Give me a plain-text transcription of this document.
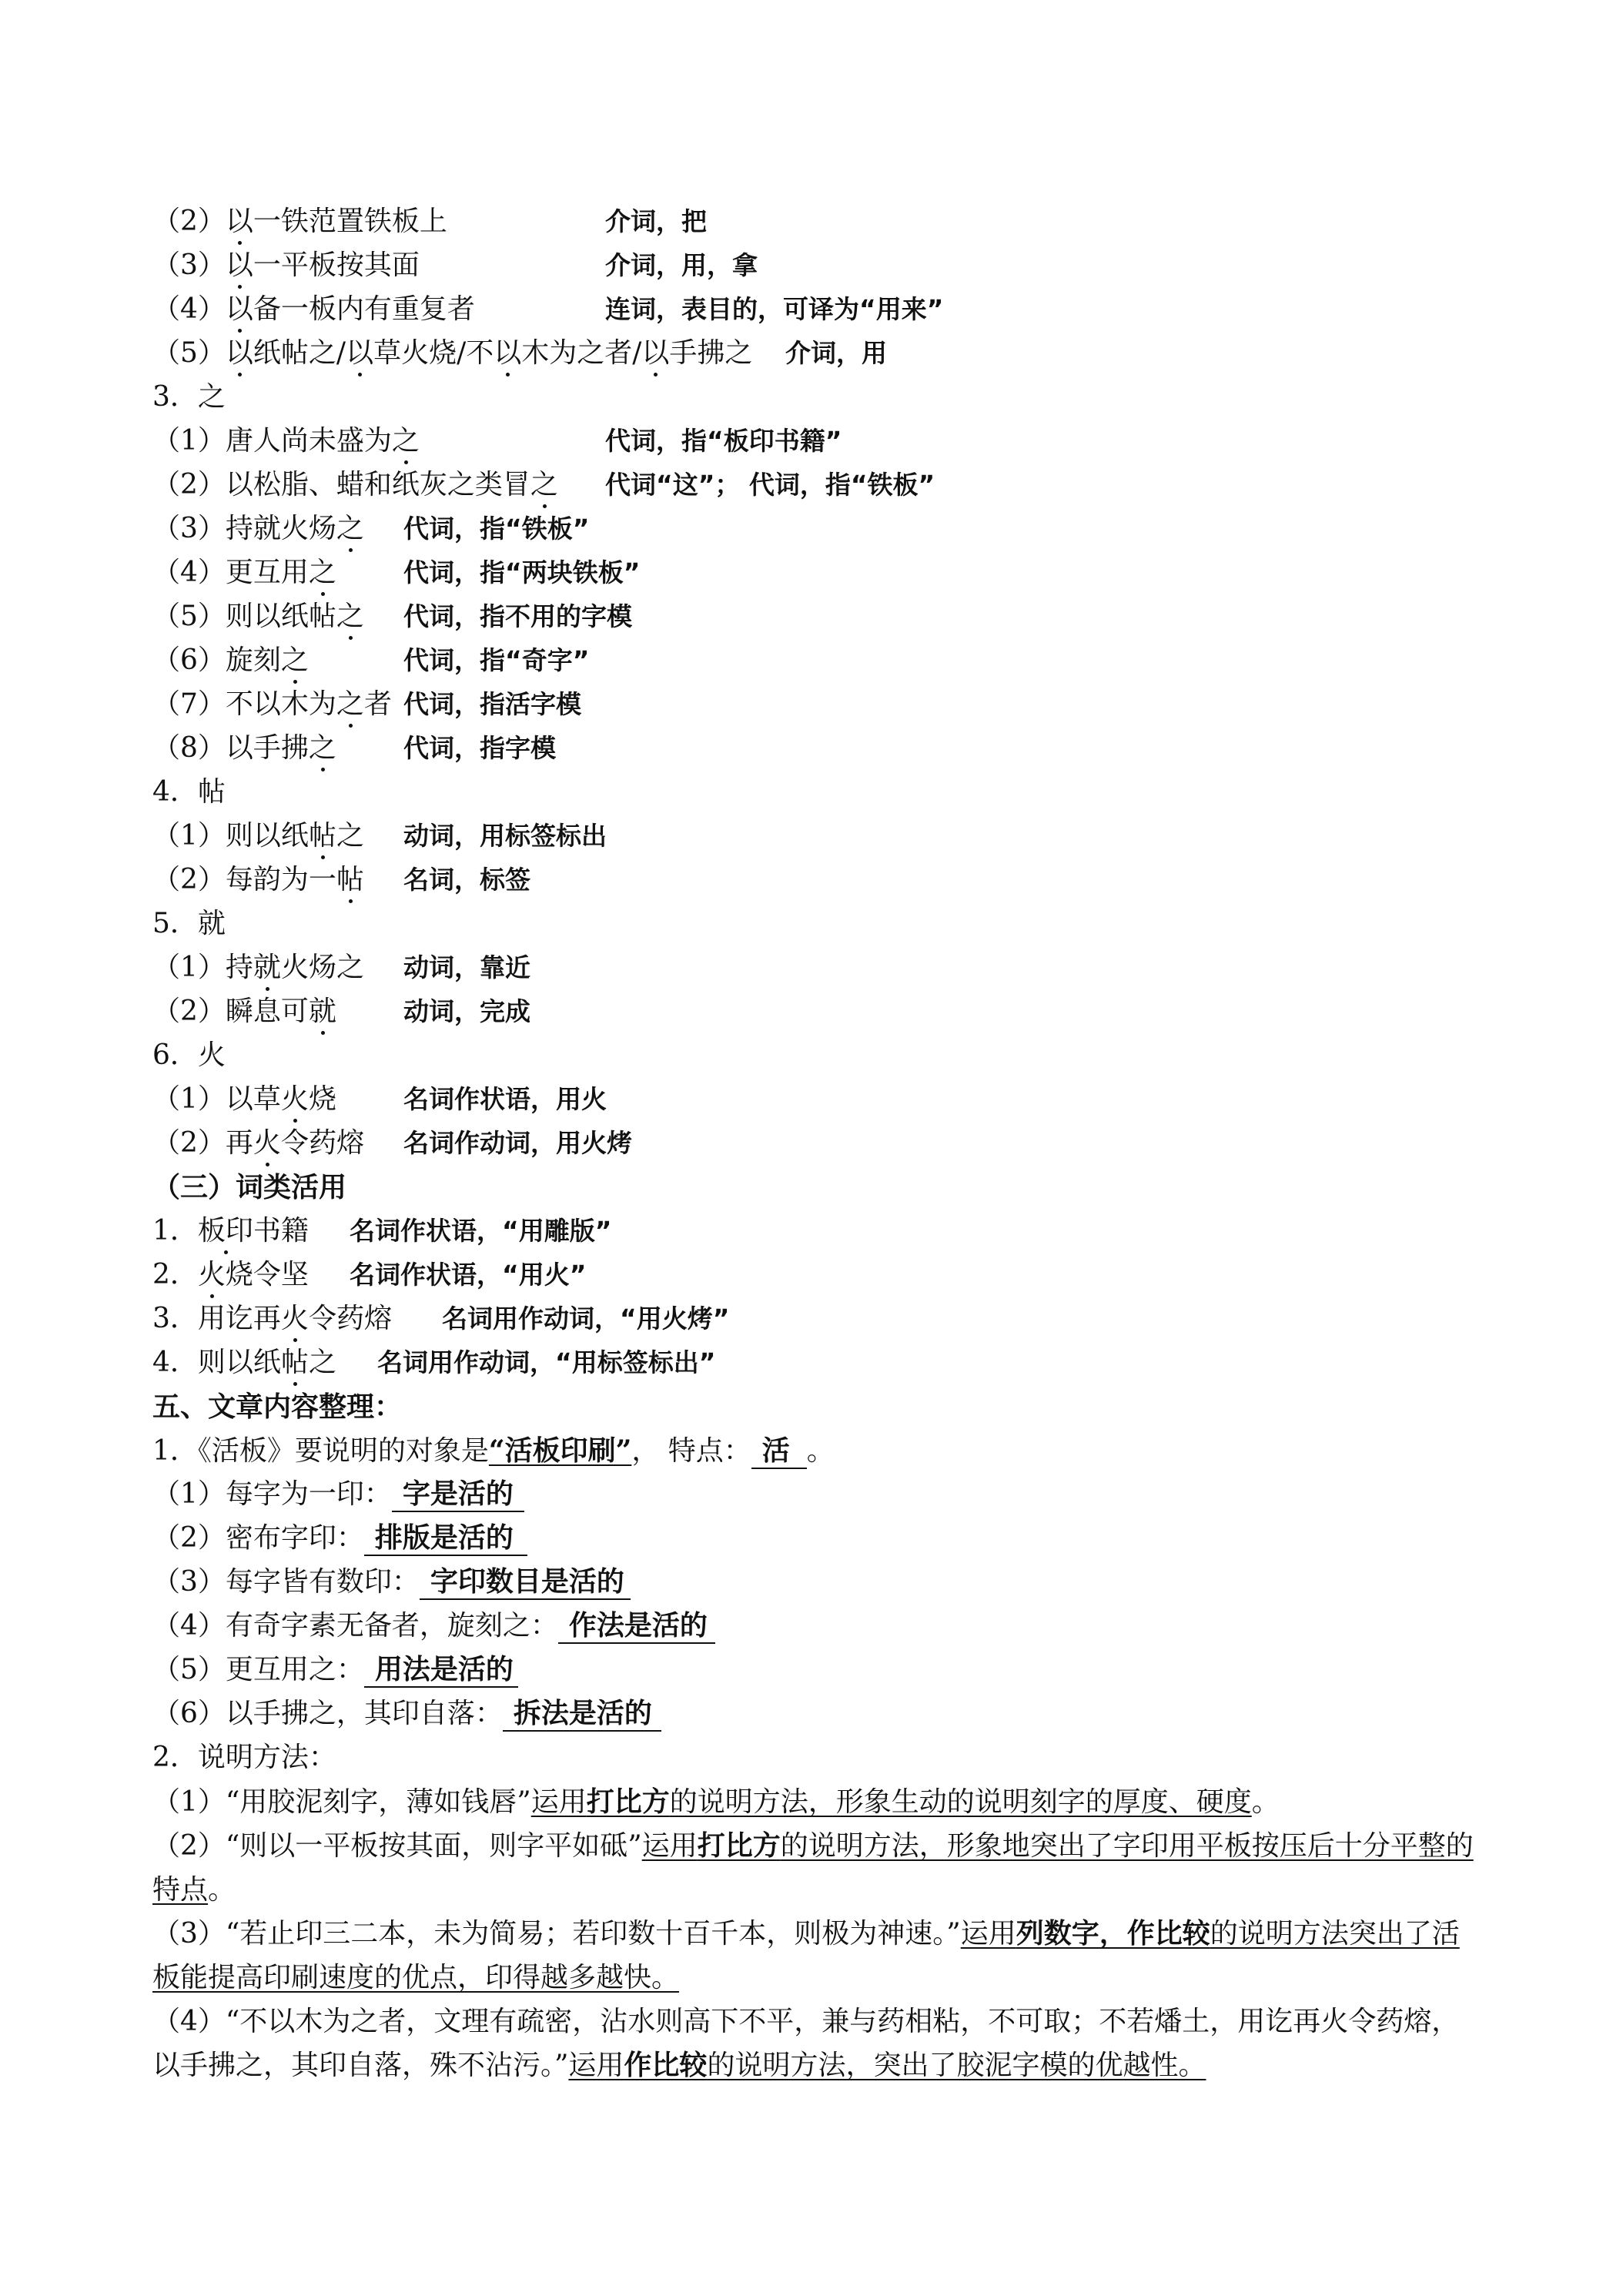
（2）以一铁范置铁板上	介词，把
（3）以一平板按其面	介词，用，拿
（4）以备一板内有重复者	连词，表目的，可译为“用来”
（5）以纸帖之/以草火烧/不以木为之者/以手拂之 介词，用
3．之
（1）唐人尚未盛为之	代词，指“板印书籍”
（2）以松脂、蜡和纸灰之类冒之 代词“这”； 代词，指“铁板”
（3）持就火炀之 代词，指“铁板”
（4）更互用之	代词，指“两块铁板”
（5）则以纸帖之 代词，指不用的字模
（6）旋刻之	代词，指“奇字”
（7）不以木为之者 代词，指活字模
（8）以手拂之	代词，指字模
4．帖
（1）则以纸帖之 动词，用标签标出
（2）每韵为一帖 名词，标签
5．就
（1）持就火炀之 动词，靠近
（2）瞬息可就	动词，完成
6．火
（1）以草火烧	名词作状语，用火
（2）再火令药熔 名词作动词，用火烤
（三）词类活用
1．板印书籍 名词作状语，“用雕版”
2．火烧令坚 名词作状语，“用火”
3．用讫再火令药熔 名词用作动词，“用火烤”
4．则以纸帖之 名词用作动词，“用标签标出”
五、文章内容整理：
1．《活板》要说明的对象是“活板印刷”， 特点： 活 。
（1）每字为一印： 字是活的
（2）密布字印： 排版是活的
（3）每字皆有数印： 字印数目是活的
（4）有奇字素无备者，旋刻之： 作法是活的
（5）更互用之： 用法是活的
（6）以手拂之，其印自落： 拆法是活的
2．说明方法：
（1）“用胶泥刻字，薄如钱唇”运用打比方的说明方法，形象生动的说明刻字的厚度、硬度。
（2）“则以一平板按其面，则字平如砥”运用打比方的说明方法，形象地突出了字印用平板按压后十分平整的特点。
（3）“若止印三二本，未为简易；若印数十百千本，则极为神速。”运用列数字，作比较的说明方法突出了活板能提高印刷速度的优点，印得越多越快。
（4）“不以木为之者，文理有疏密，沾水则高下不平，兼与药相粘，不可取；不若燔土，用讫再火令药熔，以手拂之，其印自落，殊不沾污。”运用作比较的说明方法，突出了胶泥字模的优越性。
